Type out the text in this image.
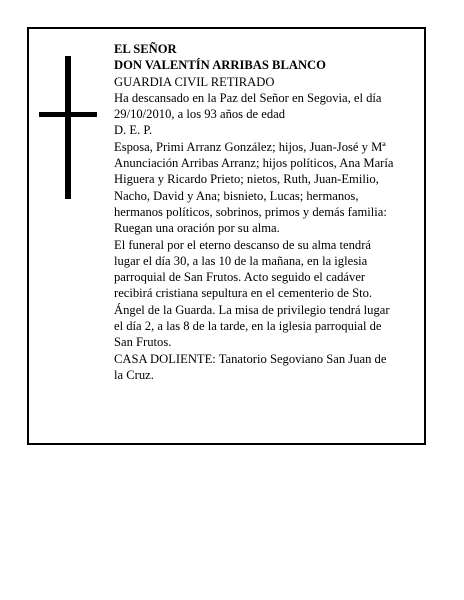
EL SEÑOR

DON VALENTÍN ARRIBAS BLANCO

GUARDIA CIVIL RETIRADO

Ha descansado en la Paz del Señor en Segovia, el día
29/10/2010, a los 93 años de edad

D. E. P.

Esposa, Primi Arranz González; hijos, Juan-José y Mª
Anunciación Arribas Arranz; hijos políticos, Ana María
Higuera y Ricardo Prieto; nietos, Ruth, Juan-Emilio,
Nacho, David y Ana; bisnieto, Lucas; hermanos,
hermanos políticos, sobrinos, primos y demás familia:
Ruegan una oración por su alma.

El funeral por el eterno descanso de su alma tendrá
lugar el día 30, a las 10 de la mañana, en la iglesia
parroquial de San Frutos. Acto seguido el cadáver
recibirá cristiana sepultura en el cementerio de Sto.
Ángel de la Guarda. La misa de privilegio tendrá lugar
el día 2, a las 8 de la tarde, en la iglesia parroquial de
San Frutos.

CASA DOLIENTE: Tanatorio Segoviano San Juan de
la Cruz.
